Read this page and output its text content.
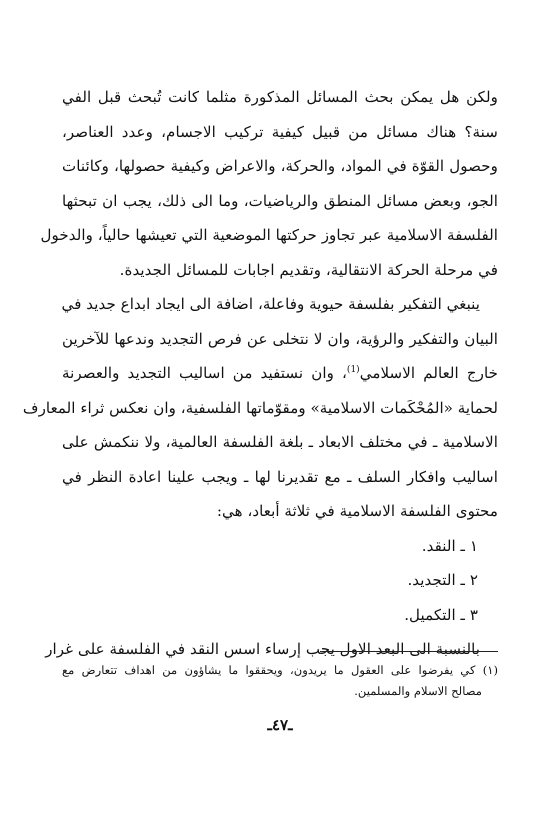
ولكن هل يمكن بحث المسائل المذكورة مثلما كانت تُبحث قبل الفي
سنة؟ هناك مسائل من قبيل كيفية تركيب الاجسام، وعدد العناصر،
وحصول القوّة في المواد، والحركة، والاعراض وكيفية حصولها، وكائنات
الجو، وبعض مسائل المنطق والرياضيات، وما الى ذلك، يجب ان تبحثها
الفلسفة الاسلامية عبر تجاوز حركتها الموضعية التي تعيشها حالياً، والدخول
في مرحلة الحركة الانتقالية، وتقديم اجابات للمسائل الجديدة.
ينبغي التفكير بفلسفة حيوية وفاعلة، اضافة الى ايجاد ابداع جديد في
البيان والتفكير والرؤية، وان لا نتخلى عن فرص التجديد وندعها للآخرين
خارج العالم الاسلامي$^{(1)}$، وان نستفيد من اساليب التجديد والعصرنة
لحماية «المُحْكَمات الاسلامية» ومقوّماتها الفلسفية، وان نعكس ثراء المعارف
الاسلامية ـ في مختلف الابعاد ـ بلغة الفلسفة العالمية، ولا ننكمش على
اساليب وافكار السلف ـ مع تقديرنا لها ـ ويجب علينا اعادة النظر في
محتوى الفلسفة الاسلامية في ثلاثة أبعاد، هي:
١ ـ النقد.
٢ ـ التجديد.
٣ ـ التكميل.
بالنسبة الى البعد الاول يجب إرساء اسس النقد في الفلسفة على غرار
(١) كي يفرضوا على العقول ما يريدون، ويحققوا ما يشاؤون من اهداف تتعارض مع
مصالح الاسلام والمسلمين.
ـ٤٧ـ
